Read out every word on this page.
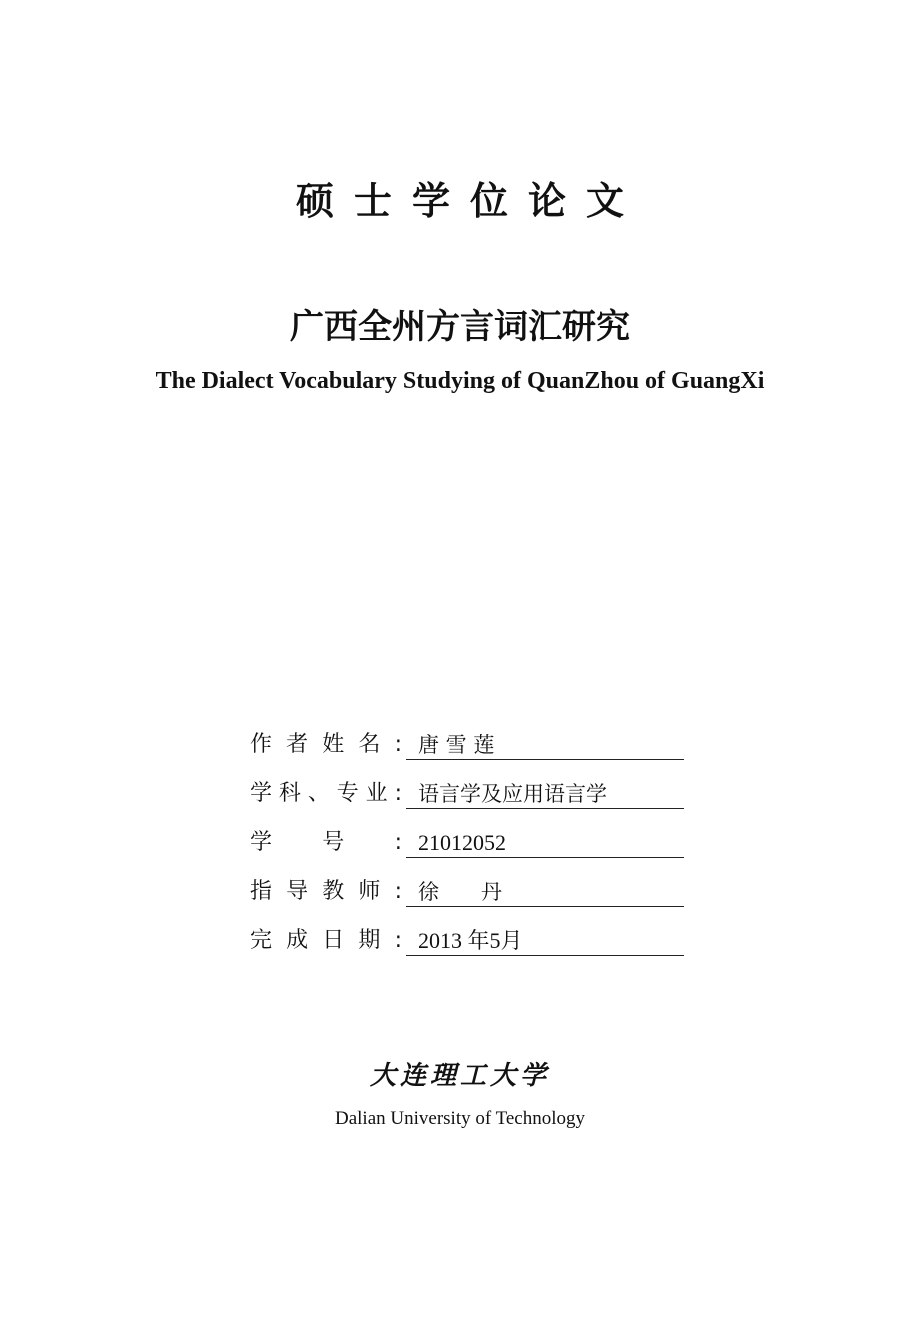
硕士学位论文
广西全州方言词汇研究
The Dialect Vocabulary Studying of QuanZhou of GuangXi
作者姓名: 唐 雪 莲
学科、专业: 语言学及应用语言学
学号: 21012052
指导教师: 徐　　丹
完成日期: 2013 年5月
大连理工大学
Dalian University of Technology
